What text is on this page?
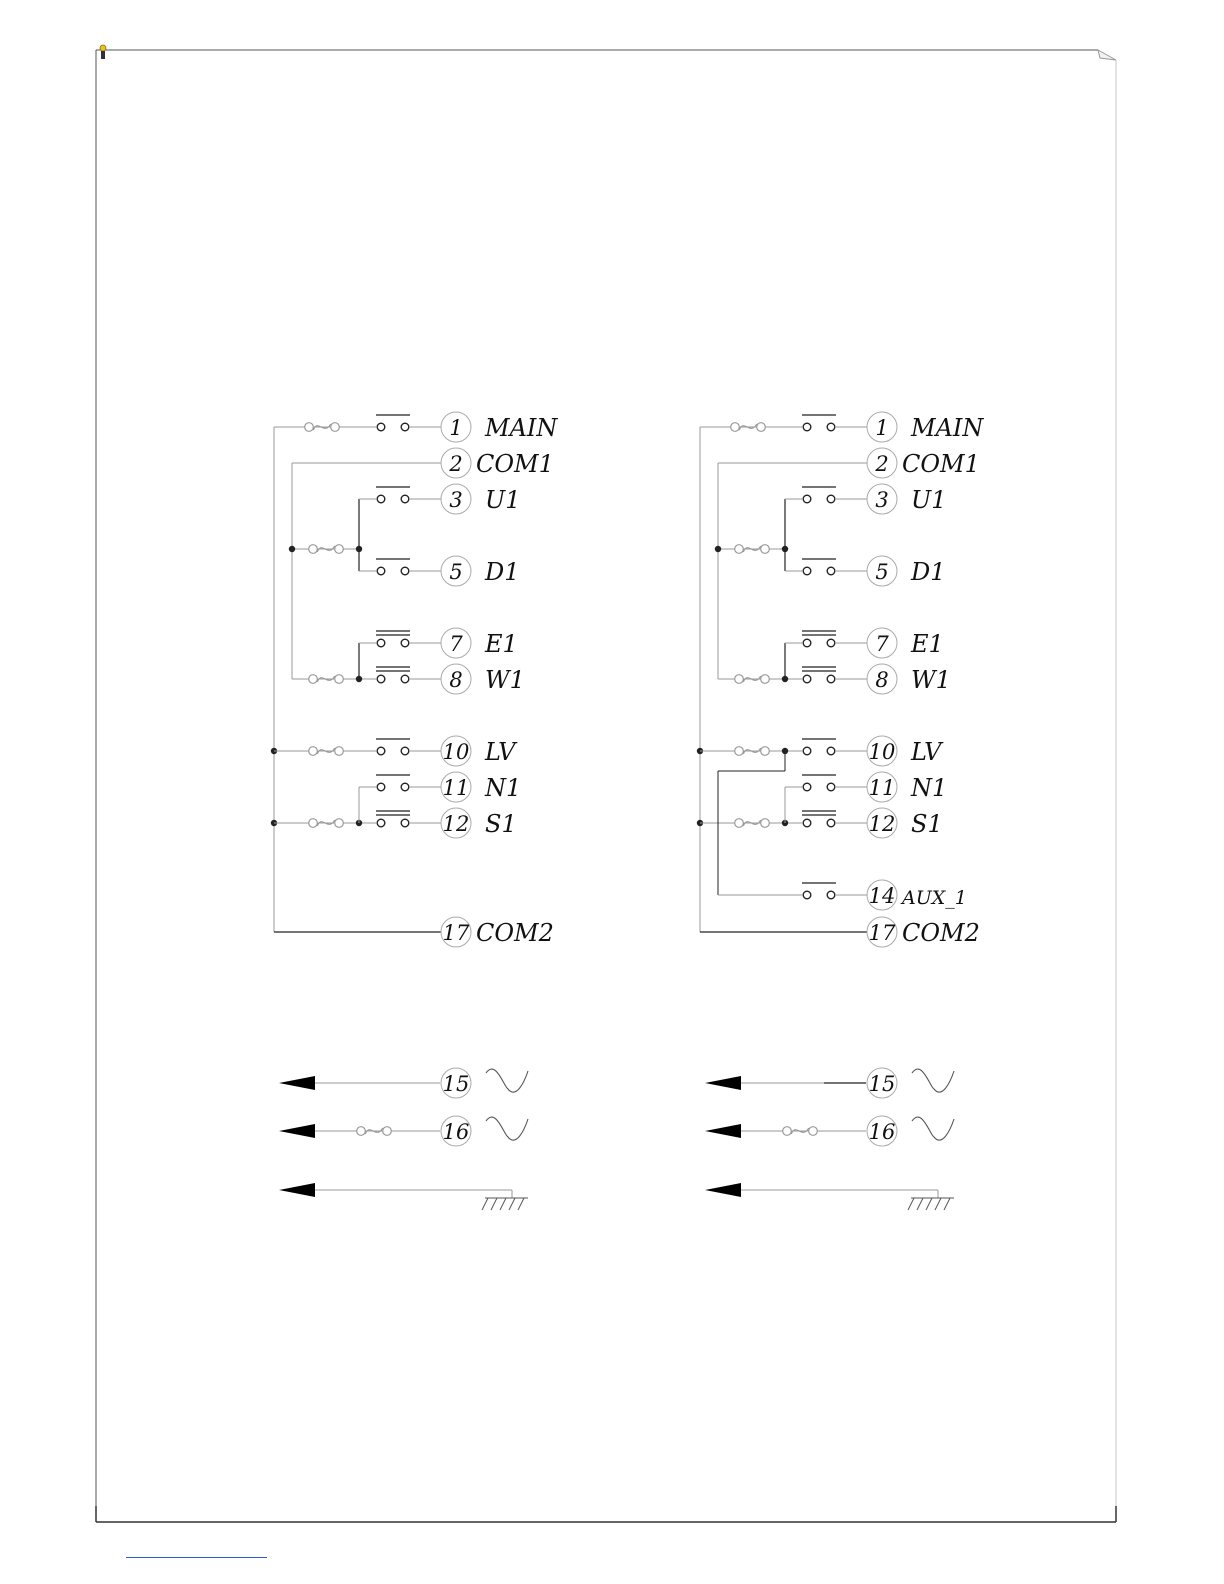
1 MAIN
2 COM1
3 U1
5 D1
7 E1
8 W1
10 LV
11 N1
12 S1
17 COM2
15
16
1 MAIN
2 COM1
3 U1
5 D1
7 E1
8 W1
10 LV
11 N1
12 S1
14 AUX_1
17 COM2
15
16
